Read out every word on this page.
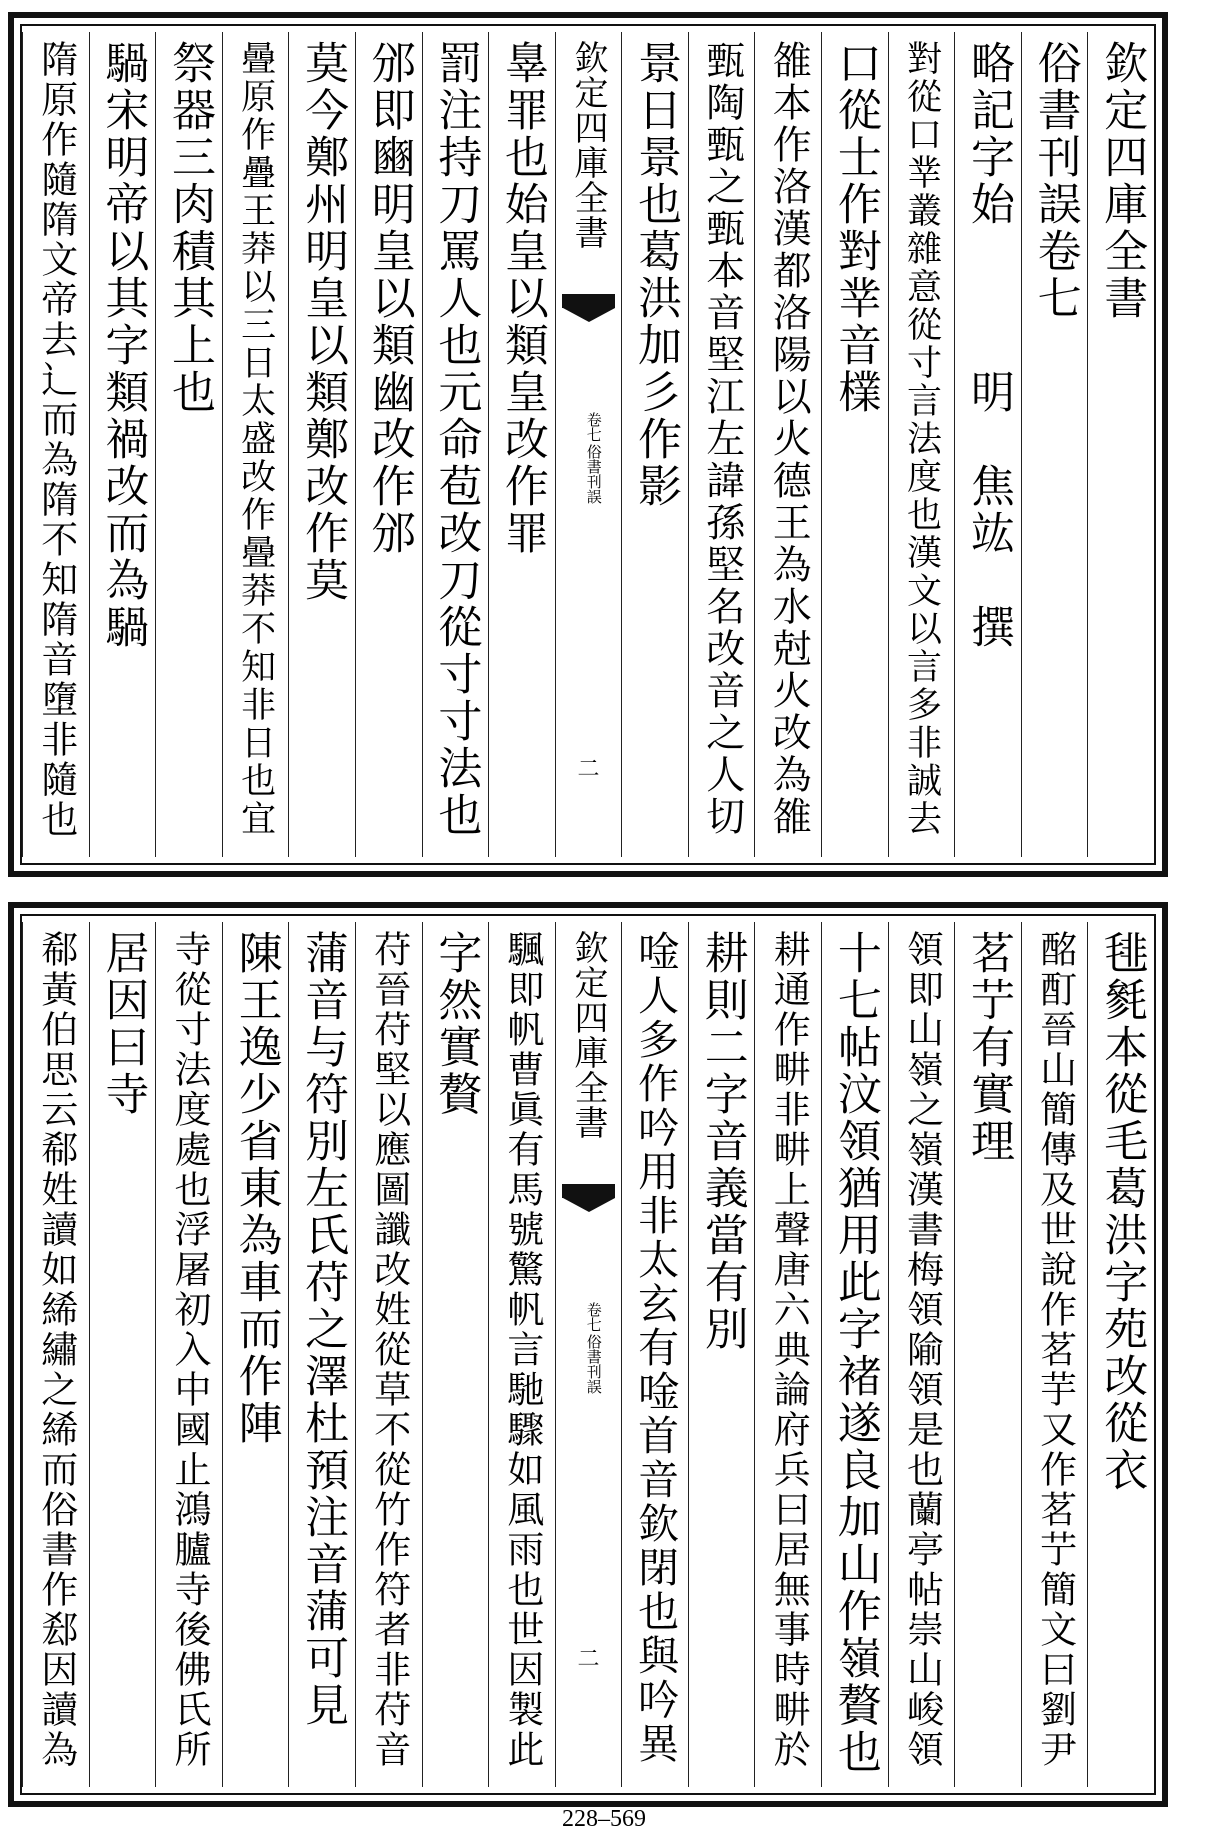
欽定四庫全書
俗書刊誤卷七
略記字始　　　明　焦竑　撰
對從口丵叢雜意從寸言法度也漢文以言多非誠去
口從士作對丵音檏
雒本作洛漢都洛陽以火德王為水尅火改為雒
甄陶甄之甄本音堅江左諱孫堅名改音之人切
景日景也葛洪加彡作影
欽定四庫全書
俗書刊誤
卷七
二
辠罪也始皇以類皇改作罪
罰注持刀罵人也元命苞改刀從寸寸法也
邠即豳明皇以類幽改作邠
莫今鄭州明皇以類鄭改作莫
曡原作疊王莽以三日太盛改作曡莽不知非日也宜
祭器三肉積其上也
騧宋明帝以其字類禍改而為騧
隋原作隨隋文帝去辶而為隋不知隋音墮非隨也
毴毿本從毛葛洪字苑改從衣
酩酊晉山簡傳及世說作茗芋又作茗艼簡文曰劉尹
茗艼有實理
領即山嶺之嶺漢書梅領隃領是也蘭亭帖崇山峻領
十七帖汶領猶用此字褚遂良加山作嶺贅也
耕通作畊非畊上聲唐六典論府兵曰居無事時畊於
耕則二字音義當有別
唫人多作吟用非太玄有唫首音欽閉也與吟異
欽定四庫全書
俗書刊誤
卷七
二
颿即帆曹眞有馬號驚帆言馳驟如風雨也世因製此
字然實贅
苻晉苻堅以應圖讖改姓從草不從竹作符者非苻音
蒲音与符別左氏苻之澤杜預注音蒲可見
陳王逸少省東為車而作陣
寺從寸法度處也浮屠初入中國止鴻臚寺後佛氏所
居因曰寺
郗黃伯思云郗姓讀如絺繡之絺而俗書作郄因讀為
228–569
